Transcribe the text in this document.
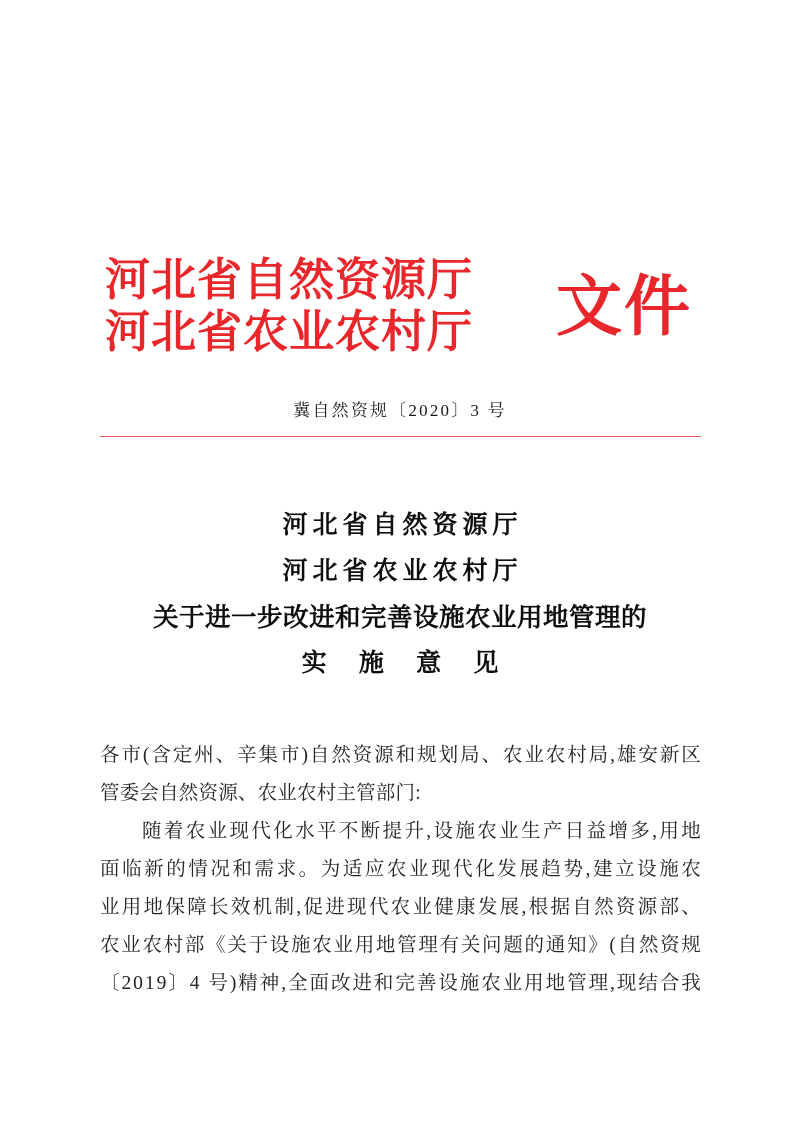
河北省自然资源厅
河北省农业农村厅	文件
冀自然资规〔2020〕3 号
河北省自然资源厅
河北省农业农村厅
关于进一步改进和完善设施农业用地管理的
实 施 意 见
各市(含定州、辛集市)自然资源和规划局、农业农村局,雄安新区
管委会自然资源、农业农村主管部门:
随着农业现代化水平不断提升,设施农业生产日益增多,用地
面临新的情况和需求。为适应农业现代化发展趋势,建立设施农
业用地保障长效机制,促进现代农业健康发展,根据自然资源部、
农业农村部《关于设施农业用地管理有关问题的通知》(自然资规
〔2019〕4 号)精神,全面改进和完善设施农业用地管理,现结合我
